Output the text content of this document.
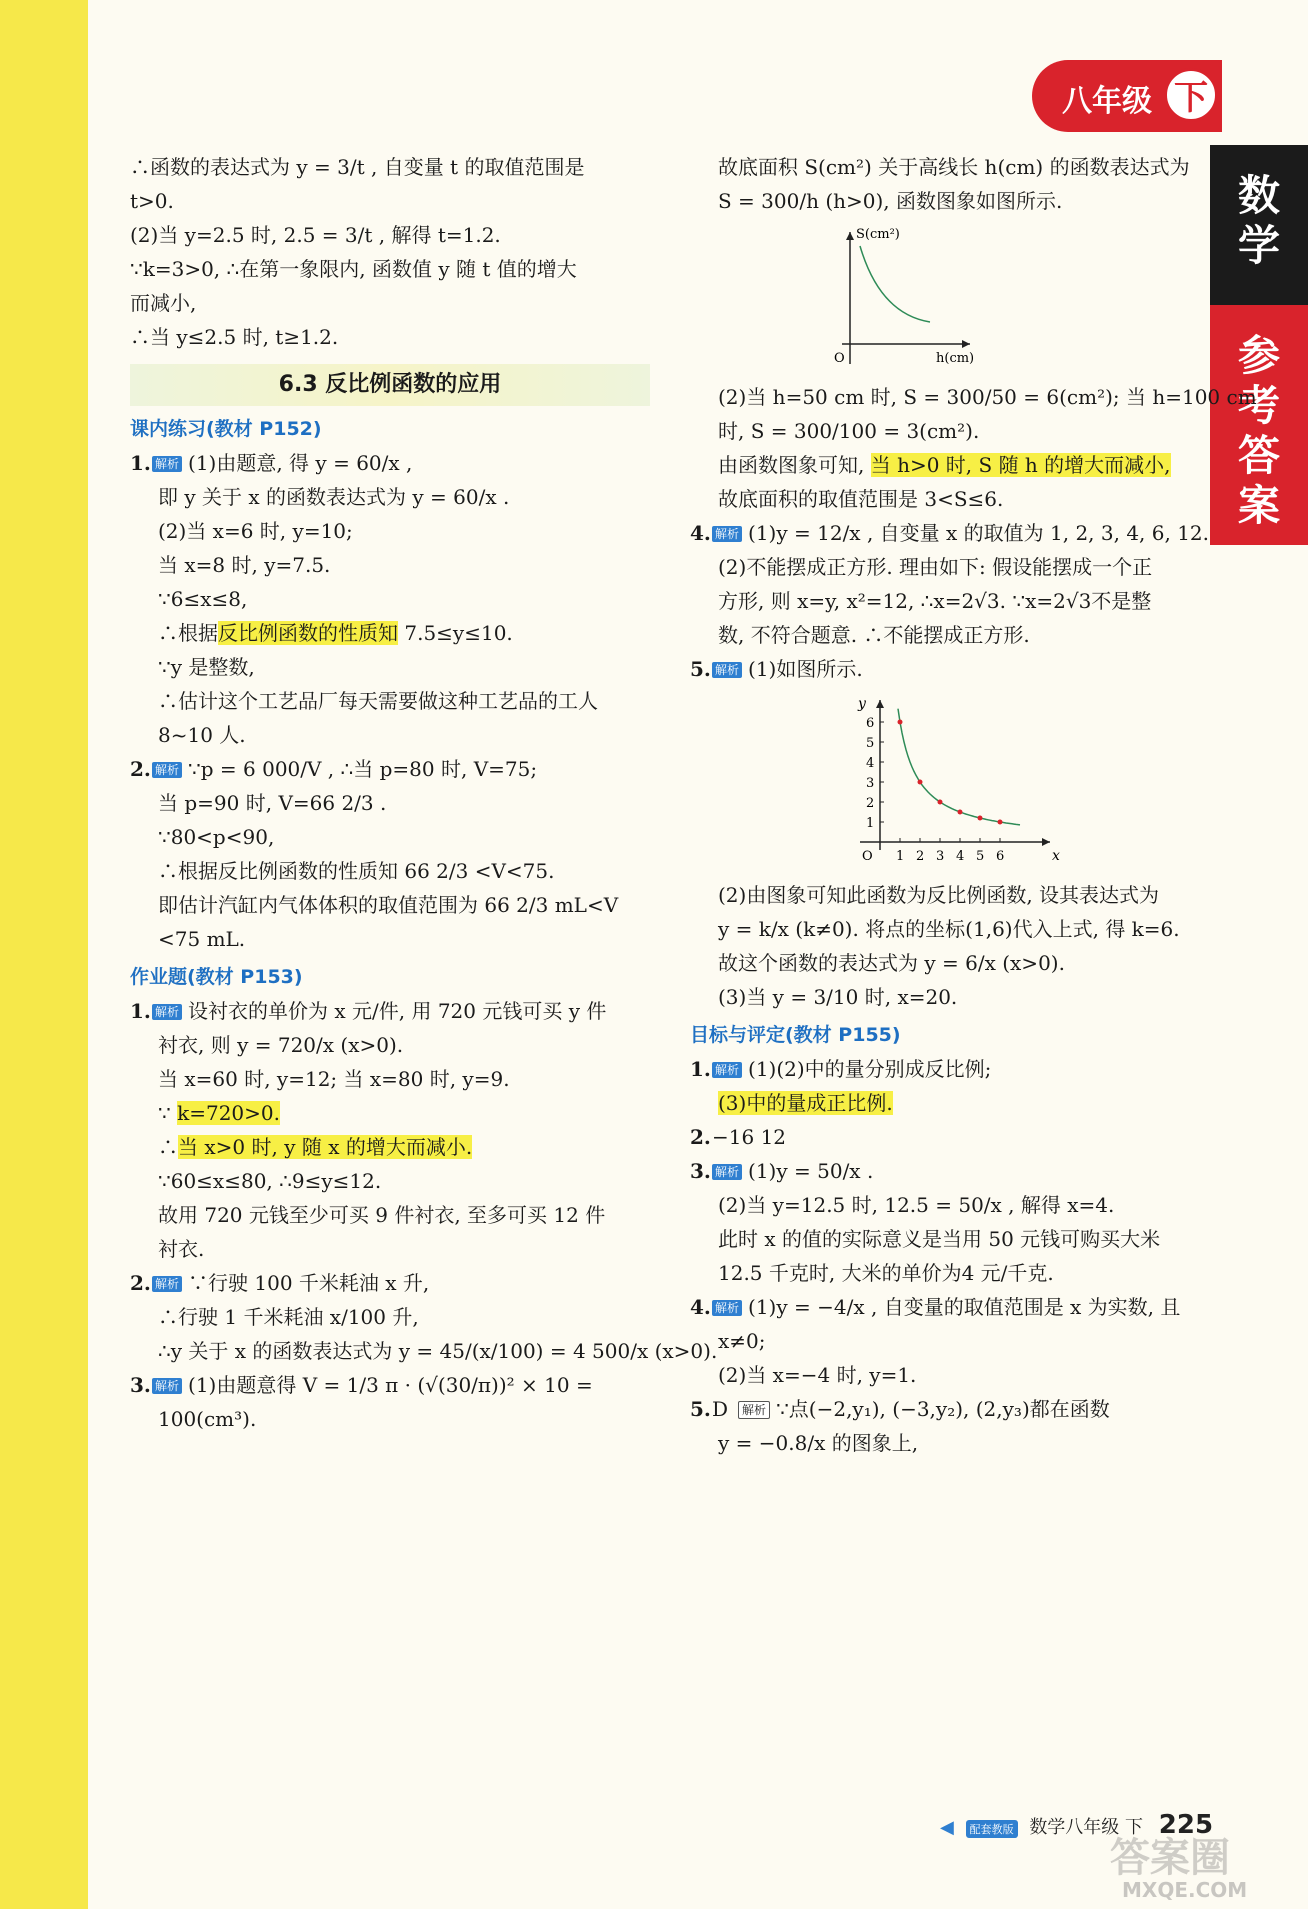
八年级 下
数
学
参
考
答
案
∴函数的表达式为 y = 3/t , 自变量 t 的取值范围是
t>0.
(2)当 y=2.5 时, 2.5 = 3/t , 解得 t=1.2.
∵k=3>0, ∴在第一象限内, 函数值 y 随 t 值的增大
而减小,
∴当 y≤2.5 时, t≥1.2.
6.3 反比例函数的应用
课内练习(教材 P152)
1. 解析 (1)由题意, 得 y = 60/x ,
即 y 关于 x 的函数表达式为 y = 60/x .
(2)当 x=6 时, y=10;
当 x=8 时, y=7.5.
∵6≤x≤8,
∴根据反比例函数的性质知 7.5≤y≤10.
∵y 是整数,
∴估计这个工艺品厂每天需要做这种工艺品的工人
8~10 人.
2. 解析 ∵p = 6 000/V , ∴当 p=80 时, V=75;
当 p=90 时, V=66 2/3 .
∵80<p<90,
∴根据反比例函数的性质知 66 2/3 <V<75.
即估计汽缸内气体体积的取值范围为 66 2/3 mL<V
<75 mL.
作业题(教材 P153)
1. 解析 设衬衣的单价为 x 元/件, 用 720 元钱可买 y 件
衬衣, 则 y = 720/x (x>0).
当 x=60 时, y=12; 当 x=80 时, y=9.
∵ k=720>0.
∴当 x>0 时, y 随 x 的增大而减小.
∵60≤x≤80, ∴9≤y≤12.
故用 720 元钱至少可买 9 件衬衣, 至多可买 12 件
衬衣.
2. 解析 ∵行驶 100 千米耗油 x 升,
∴行驶 1 千米耗油 x/100 升,
∴y 关于 x 的函数表达式为 y = 45/(x/100) = 4 500/x (x>0).
3. 解析 (1)由题意得 V = 1/3 π · (√(30/π))² × 10 =
100(cm³).
故底面积 S(cm²) 关于高线长 h(cm) 的函数表达式为
S = 300/h (h>0), 函数图象如图所示.
S(cm²)
h(cm)
O
(2)当 h=50 cm 时, S = 300/50 = 6(cm²); 当 h=100 cm
时, S = 300/100 = 3(cm²).
由函数图象可知, 当 h>0 时, S 随 h 的增大而减小,
故底面积的取值范围是 3<S≤6.
4. 解析 (1)y = 12/x , 自变量 x 的取值为 1, 2, 3, 4, 6, 12.
(2)不能摆成正方形. 理由如下: 假设能摆成一个正
方形, 则 x=y, x²=12, ∴x=2√3. ∵x=2√3不是整
数, 不符合题意. ∴不能摆成正方形.
5. 解析 (1)如图所示.
1
2
3
4
5
6
1 2 3 4 5 6
y
x
O
(2)由图象可知此函数为反比例函数, 设其表达式为
y = k/x (k≠0). 将点的坐标(1,6)代入上式, 得 k=6.
故这个函数的表达式为 y = 6/x (x>0).
(3)当 y = 3/10 时, x=20.
目标与评定(教材 P155)
1. 解析 (1)(2)中的量分别成反比例;
(3)中的量成正比例.
2.−16 12
3. 解析 (1)y = 50/x .
(2)当 y=12.5 时, 12.5 = 50/x , 解得 x=4.
此时 x 的值的实际意义是当用 50 元钱可购买大米
12.5 千克时, 大米的单价为4 元/千克.
4. 解析 (1)y = −4/x , 自变量的取值范围是 x 为实数, 且
x≠0;
(2)当 x=−4 时, y=1.
5.D 解析 ∵点(−2,y₁), (−3,y₂), (2,y₃)都在函数
y = −0.8/x 的图象上,
◀ 配套教版 数学八年级 下 225
答案圈
MXQE.COM
